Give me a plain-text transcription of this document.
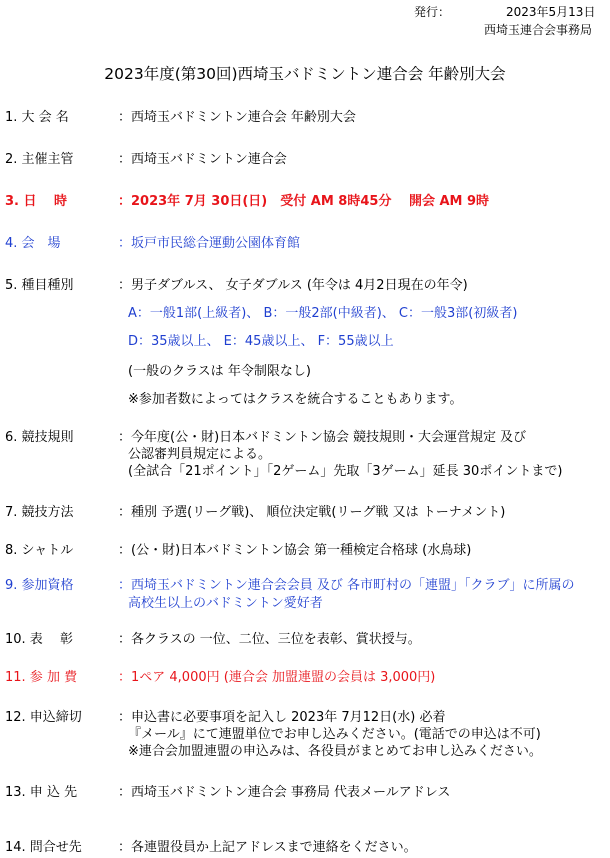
発行：	2023年5月13日
西埼玉連合会事務局
2023年度(第30回)西埼玉バドミントン連合会 年齢別大会
1. 大 会 名	：西埼玉バドミントン連合会 年齢別大会
2. 主催主管	：西埼玉バドミントン連合会
3. 日　 時	：2023年 7月 30日(日)　受付 AM 8時45分　 開会 AM 9時
4. 会　場	：坂戸市民総合運動公園体育館
5. 種目種別	：男子ダブルス、 女子ダブルス (年令は 4月2日現在の年令)
A：一般1部(上級者)、 B：一般2部(中級者)、 C：一般3部(初級者)
D：35歳以上、 E：45歳以上、 F：55歳以上
(一般のクラスは 年令制限なし)
※参加者数によってはクラスを統合することもあります。
6. 競技規則	：今年度(公・財)日本バドミントン協会 競技規則・大会運営規定 及び
公認審判員規定による。
(全試合「21ポイント」「2ゲーム」先取「3ゲーム」延長 30ポイントまで)
7. 競技方法	：種別 予選(リーグ戦)、 順位決定戦(リーグ戦 又は トーナメント)
8. シャトル	：(公・財)日本バドミントン協会 第一種検定合格球 (水鳥球)
9. 参加資格	：西埼玉バドミントン連合会会員 及び 各市町村の「連盟」「クラブ」に所属の
高校生以上のバドミントン愛好者
10. 表　 彰	：各クラスの 一位、二位、三位を表彰、賞状授与。
11. 参 加 費	：1ペア 4,000円 (連合会 加盟連盟の会員は 3,000円)
12. 申込締切	：申込書に必要事項を記入し 2023年 7月12日(水) 必着
『メール』にて連盟単位でお申し込みください。(電話での申込は不可)
※連合会加盟連盟の申込みは、各役員がまとめてお申し込みください。
13. 申 込 先	：西埼玉バドミントン連合会 事務局 代表メールアドレス
14. 問合せ先	：各連盟役員か上記アドレスまで連絡をください。
